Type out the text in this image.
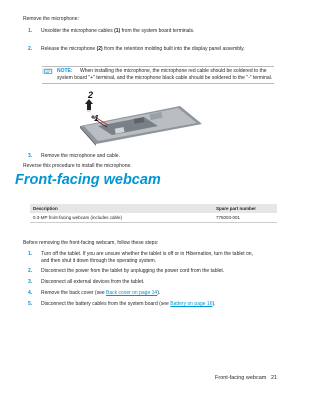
Remove the microphone:
1. Unsolder the microphone cables (1) from the system board terminals.
NOTE: When installing the microphone, the microphone red cable should be soldered to the
system board "+" terminal, and the microphone black cable should be soldered to the "-" terminal.
2. Release the microphone (2) from the retention molding built into the display panel assembly.
2
1
3. Remove the microphone and cable.
Reverse this procedure to install the microphone.
Front-facing webcam
Description	Spare part number
0.3-MP front-facing webcam (includes cable)	775003-001
Before removing the front-facing webcam, follow these steps:
1. Turn off the tablet. If you are unsure whether the tablet is off or in Hibernation, turn the tablet on,
and then shut it down through the operating system.
2. Disconnect the power from the tablet by unplugging the power cord from the tablet.
3. Disconnect all external devices from the tablet.
4. Remove the back cover (see Back cover on page 14).
5. Disconnect the battery cables from the system board (see Battery on page 16).
Front-facing webcam 21
